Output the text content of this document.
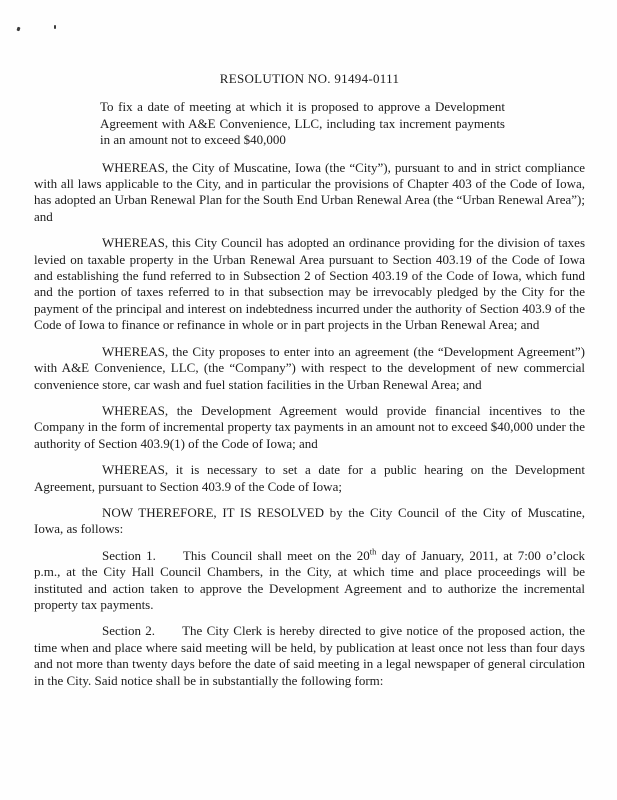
RESOLUTION NO. 91494-0111

To fix a date of meeting at which it is proposed to approve a Development Agreement with A&E Convenience, LLC, including tax increment payments in an amount not to exceed $40,000

WHEREAS, the City of Muscatine, Iowa (the “City”), pursuant to and in strict compliance with all laws applicable to the City, and in particular the provisions of Chapter 403 of the Code of Iowa, has adopted an Urban Renewal Plan for the South End Urban Renewal Area (the “Urban Renewal Area”); and

WHEREAS, this City Council has adopted an ordinance providing for the division of taxes levied on taxable property in the Urban Renewal Area pursuant to Section 403.19 of the Code of Iowa and establishing the fund referred to in Subsection 2 of Section 403.19 of the Code of Iowa, which fund and the portion of taxes referred to in that subsection may be irrevocably pledged by the City for the payment of the principal and interest on indebtedness incurred under the authority of Section 403.9 of the Code of Iowa to finance or refinance in whole or in part projects in the Urban Renewal Area; and

WHEREAS, the City proposes to enter into an agreement (the “Development Agreement”) with A&E Convenience, LLC, (the “Company”) with respect to the development of new commercial convenience store, car wash and fuel station facilities in the Urban Renewal Area; and

WHEREAS, the Development Agreement would provide financial incentives to the Company in the form of incremental property tax payments in an amount not to exceed $40,000 under the authority of Section 403.9(1) of the Code of Iowa; and

WHEREAS, it is necessary to set a date for a public hearing on the Development Agreement, pursuant to Section 403.9 of the Code of Iowa;

NOW THEREFORE, IT IS RESOLVED by the City Council of the City of Muscatine, Iowa, as follows:

Section 1. This Council shall meet on the 20th day of January, 2011, at 7:00 o’clock p.m., at the City Hall Council Chambers, in the City, at which time and place proceedings will be instituted and action taken to approve the Development Agreement and to authorize the incremental property tax payments.

Section 2. The City Clerk is hereby directed to give notice of the proposed action, the time when and place where said meeting will be held, by publication at least once not less than four days and not more than twenty days before the date of said meeting in a legal newspaper of general circulation in the City. Said notice shall be in substantially the following form:
